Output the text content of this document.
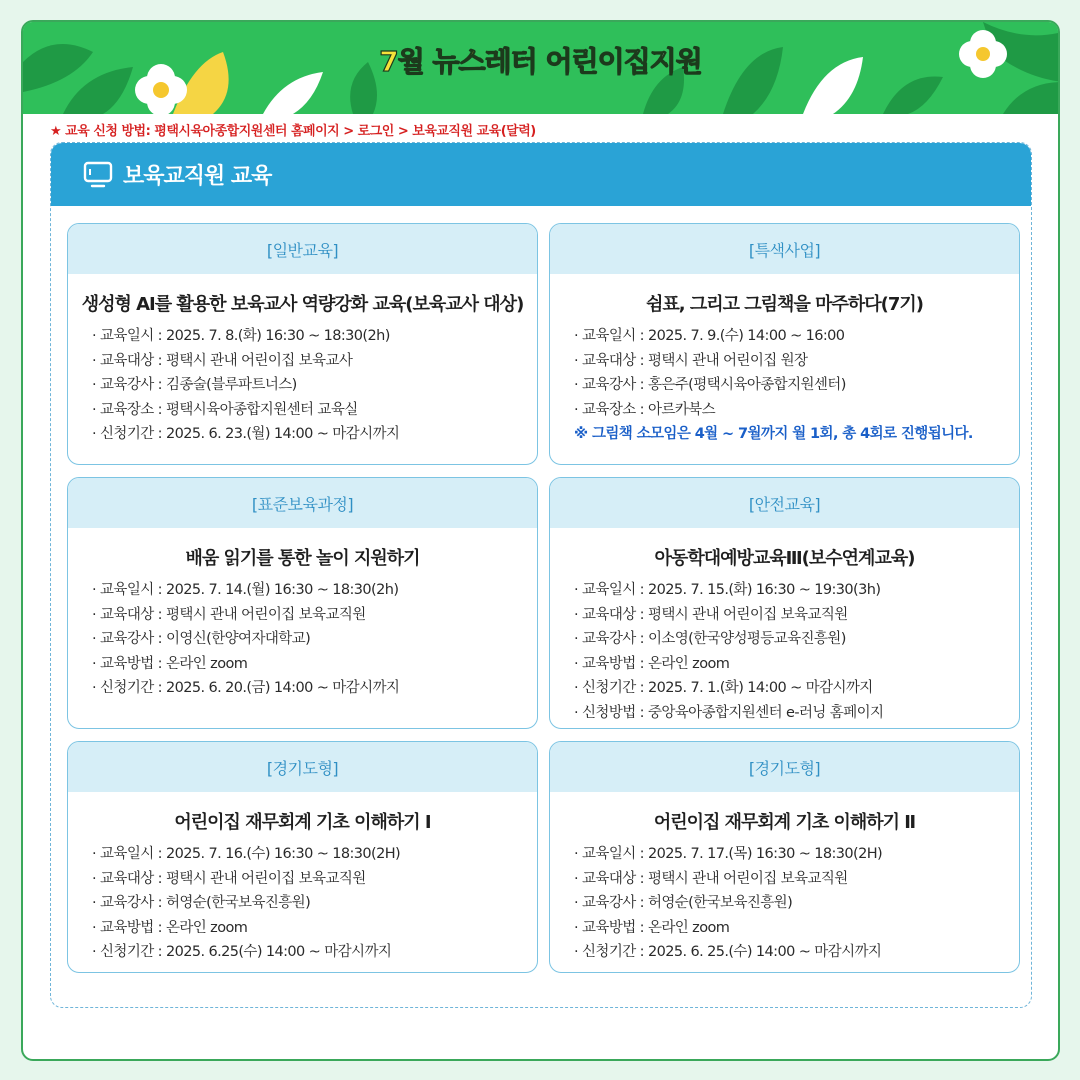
7월 뉴스레터 어린이집지원
★ 교육 신청 방법: 평택시육아종합지원센터 홈페이지 > 로그인 > 보육교직원 교육(달력)
보육교직원 교육
[일반교육]
생성형 AI를 활용한 보육교사 역량강화 교육(보육교사 대상)
· 교육일시 : 2025. 7. 8.(화) 16:30 ~ 18:30(2h)
· 교육대상 : 평택시 관내 어린이집 보육교사
· 교육강사 : 김종술(블루파트너스)
· 교육장소 : 평택시육아종합지원센터 교육실
· 신청기간 : 2025. 6. 23.(월) 14:00 ~ 마감시까지
[특색사업]
쉼표, 그리고 그림책을 마주하다(7기)
· 교육일시 : 2025. 7. 9.(수) 14:00 ~ 16:00
· 교육대상 : 평택시 관내 어린이집 원장
· 교육강사 : 홍은주(평택시육아종합지원센터)
· 교육장소 : 아르카북스
※ 그림책 소모임은 4월 ~ 7월까지 월 1회, 총 4회로 진행됩니다.
[표준보육과정]
배움 읽기를 통한 놀이 지원하기
· 교육일시 : 2025. 7. 14.(월) 16:30 ~ 18:30(2h)
· 교육대상 : 평택시 관내 어린이집 보육교직원
· 교육강사 : 이영신(한양여자대학교)
· 교육방법 : 온라인 zoom
· 신청기간 : 2025. 6. 20.(금) 14:00 ~ 마감시까지
[안전교육]
아동학대예방교육Ⅲ(보수연계교육)
· 교육일시 : 2025. 7. 15.(화) 16:30 ~ 19:30(3h)
· 교육대상 : 평택시 관내 어린이집 보육교직원
· 교육강사 : 이소영(한국양성평등교육진흥원)
· 교육방법 : 온라인 zoom
· 신청기간 : 2025. 7. 1.(화) 14:00 ~ 마감시까지
· 신청방법 : 중앙육아종합지원센터 e-러닝 홈페이지
[경기도형]
어린이집 재무회계 기초 이해하기 Ⅰ
· 교육일시 : 2025. 7. 16.(수) 16:30 ~ 18:30(2H)
· 교육대상 : 평택시 관내 어린이집 보육교직원
· 교육강사 : 허영순(한국보육진흥원)
· 교육방법 : 온라인 zoom
· 신청기간 : 2025. 6.25(수) 14:00 ~ 마감시까지
[경기도형]
어린이집 재무회계 기초 이해하기 Ⅱ
· 교육일시 : 2025. 7. 17.(목) 16:30 ~ 18:30(2H)
· 교육대상 : 평택시 관내 어린이집 보육교직원
· 교육강사 : 허영순(한국보육진흥원)
· 교육방법 : 온라인 zoom
· 신청기간 : 2025. 6. 25.(수) 14:00 ~ 마감시까지
